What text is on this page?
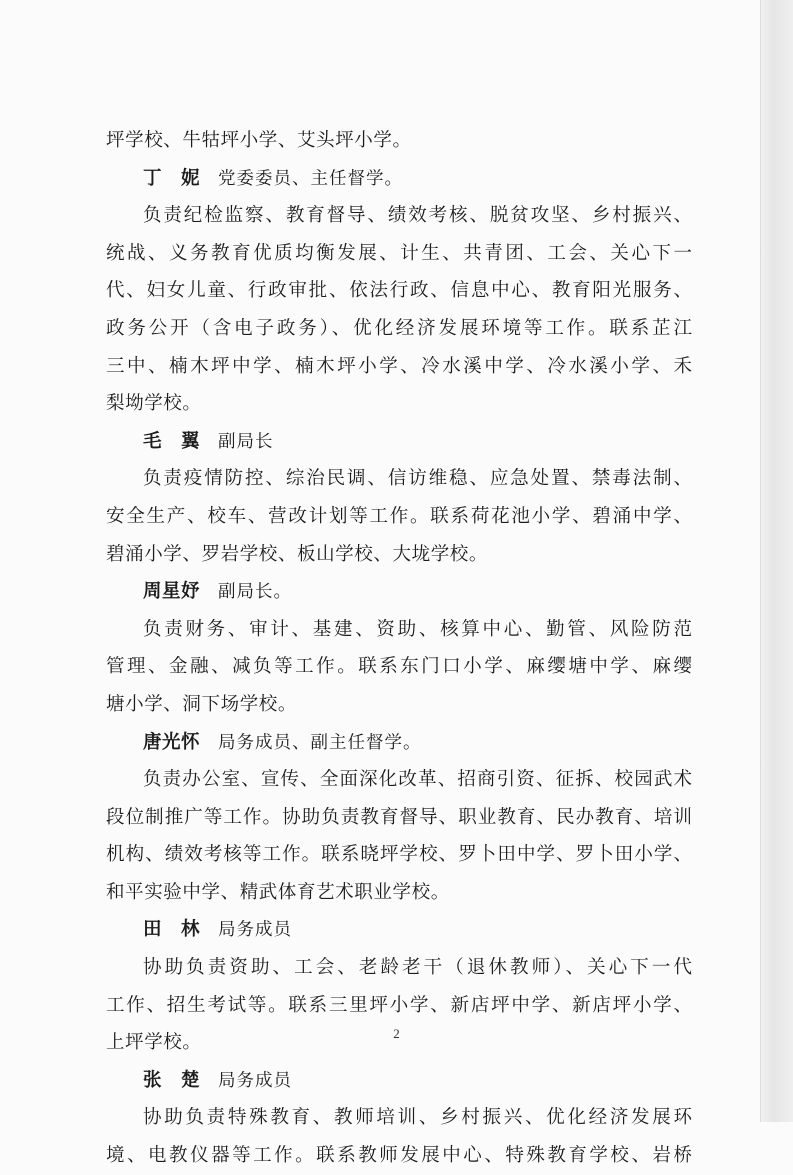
坪学校、牛牯坪小学、艾头坪小学。
丁　妮 党委委员、主任督学。
负责纪检监察、教育督导、绩效考核、脱贫攻坚、乡村振兴、
统战、义务教育优质均衡发展、计生、共青团、工会、关心下一
代、妇女儿童、行政审批、依法行政、信息中心、教育阳光服务、
政务公开（含电子政务）、优化经济发展环境等工作。联系芷江
三中、楠木坪中学、楠木坪小学、冷水溪中学、冷水溪小学、禾
梨坳学校。
毛　翼 副局长
负责疫情防控、综治民调、信访维稳、应急处置、禁毒法制、
安全生产、校车、营改计划等工作。联系荷花池小学、碧涌中学、
碧涌小学、罗岩学校、板山学校、大垅学校。
周星妤 副局长。
负责财务、审计、基建、资助、核算中心、勤管、风险防范
管理、金融、减负等工作。联系东门口小学、麻缨塘中学、麻缨
塘小学、洞下场学校。
唐光怀 局务成员、副主任督学。
负责办公室、宣传、全面深化改革、招商引资、征拆、校园武术
段位制推广等工作。协助负责教育督导、职业教育、民办教育、培训
机构、绩效考核等工作。联系晓坪学校、罗卜田中学、罗卜田小学、
和平实验中学、精武体育艺术职业学校。
田　林 局务成员
协助负责资助、工会、老龄老干（退休教师）、关心下一代
工作、招生考试等。联系三里坪小学、新店坪中学、新店坪小学、
上坪学校。
张　楚 局务成员
协助负责特殊教育、教师培训、乡村振兴、优化经济发展环
境、电教仪器等工作。联系教师发展中心、特殊教育学校、岩桥
2
